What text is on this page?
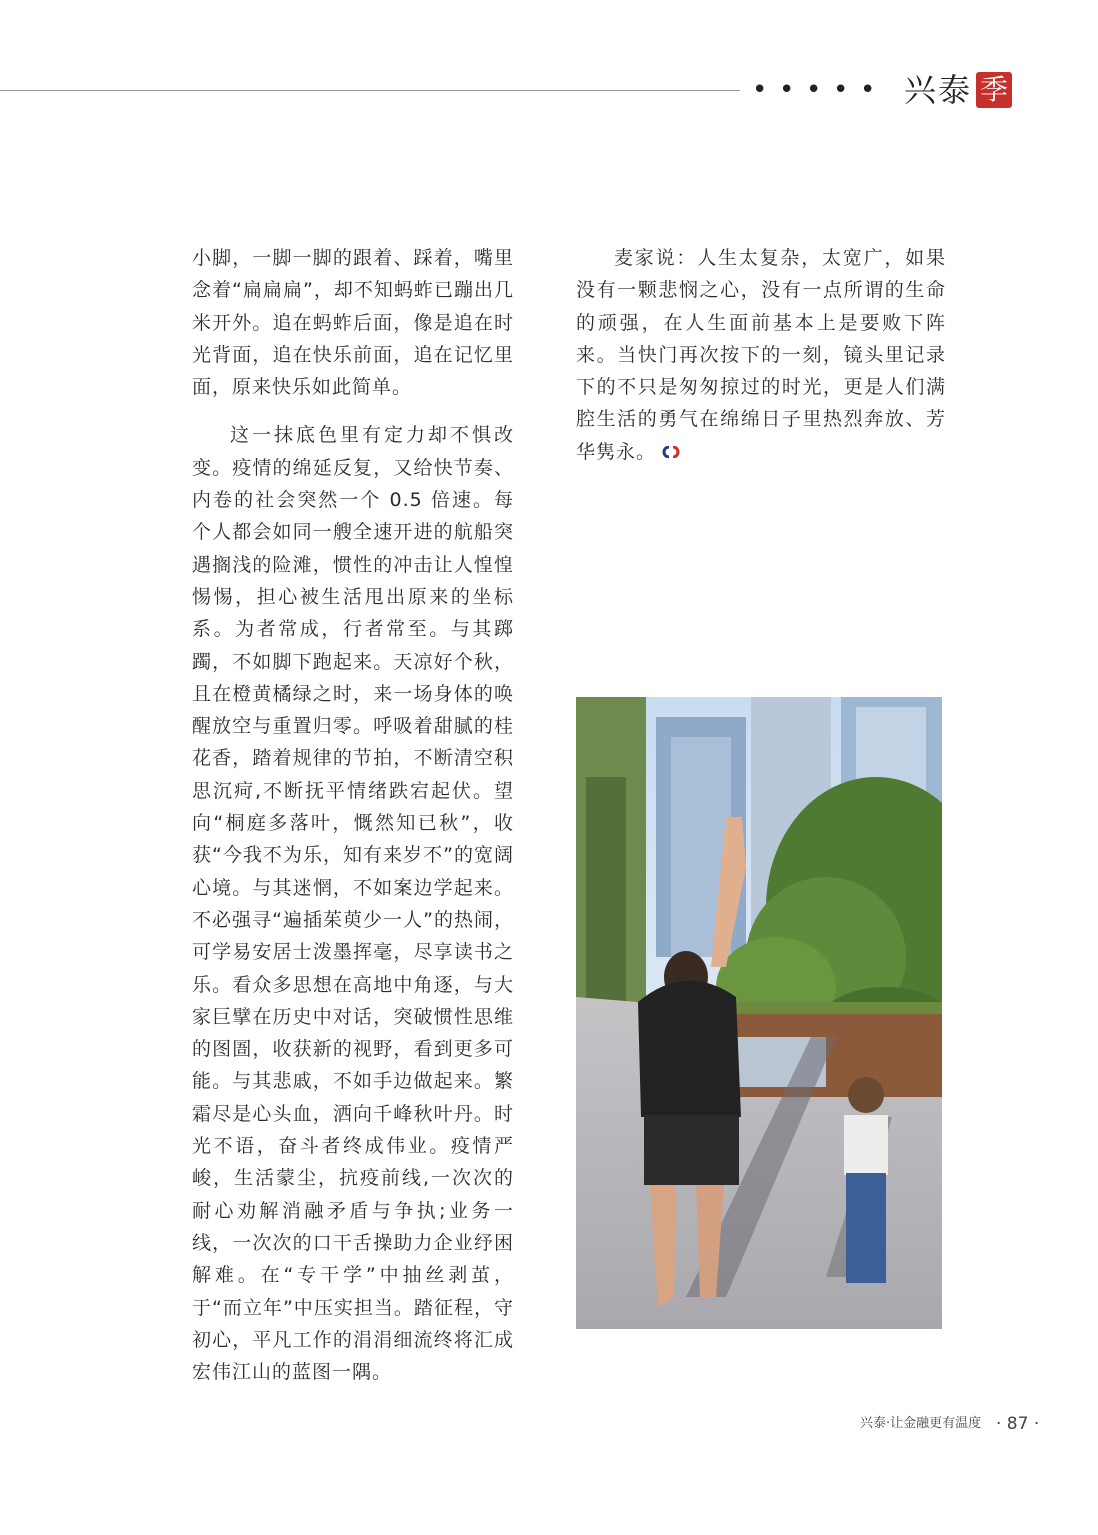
• • • • • 兴泰 季

小脚，一脚一脚的跟着、踩着，嘴里念着“扁扁扁”，却不知蚂蚱已蹦出几米开外。追在蚂蚱后面，像是追在时光背面，追在快乐前面，追在记忆里面，原来快乐如此简单。

这一抹底色里有定力却不惧改变。疫情的绵延反复，又给快节奏、内卷的社会突然一个 0.5 倍速。每个人都会如同一艘全速开进的航船突遇搁浅的险滩，惯性的冲击让人惶惶惕惕，担心被生活甩出原来的坐标系。为者常成，行者常至。与其踯躅，不如脚下跑起来。天凉好个秋，且在橙黄橘绿之时，来一场身体的唤醒放空与重置归零。呼吸着甜腻的桂花香，踏着规律的节拍，不断清空积思沉疴,不断抚平情绪跌宕起伏。望向“桐庭多落叶，慨然知已秋”，收获“今我不为乐，知有来岁不”的宽阔心境。与其迷惘，不如案边学起来。不必强寻“遍插茱萸少一人”的热闹，可学易安居士泼墨挥毫，尽享读书之乐。看众多思想在高地中角逐，与大家巨擘在历史中对话，突破惯性思维的图圄，收获新的视野，看到更多可能。与其悲戚，不如手边做起来。繁霜尽是心头血，洒向千峰秋叶丹。时光不语，奋斗者终成伟业。疫情严峻，生活蒙尘，抗疫前线,一次次的耐心劝解消融矛盾与争执;业务一线，一次次的口干舌操助力企业纾困解难。在“专干学”中抽丝剥茧，于“而立年”中压实担当。踏征程，守初心，平凡工作的涓涓细流终将汇成宏伟江山的蓝图一隅。

麦家说：人生太复杂，太宽广，如果没有一颗悲悯之心，没有一点所谓的生命的顽强，在人生面前基本上是要败下阵来。当快门再次按下的一刻，镜头里记录下的不只是匆匆掠过的时光，更是人们满腔生活的勇气在绵绵日子里热烈奔放、芳华隽永。

兴泰·让金融更有温度 · 87 ·
